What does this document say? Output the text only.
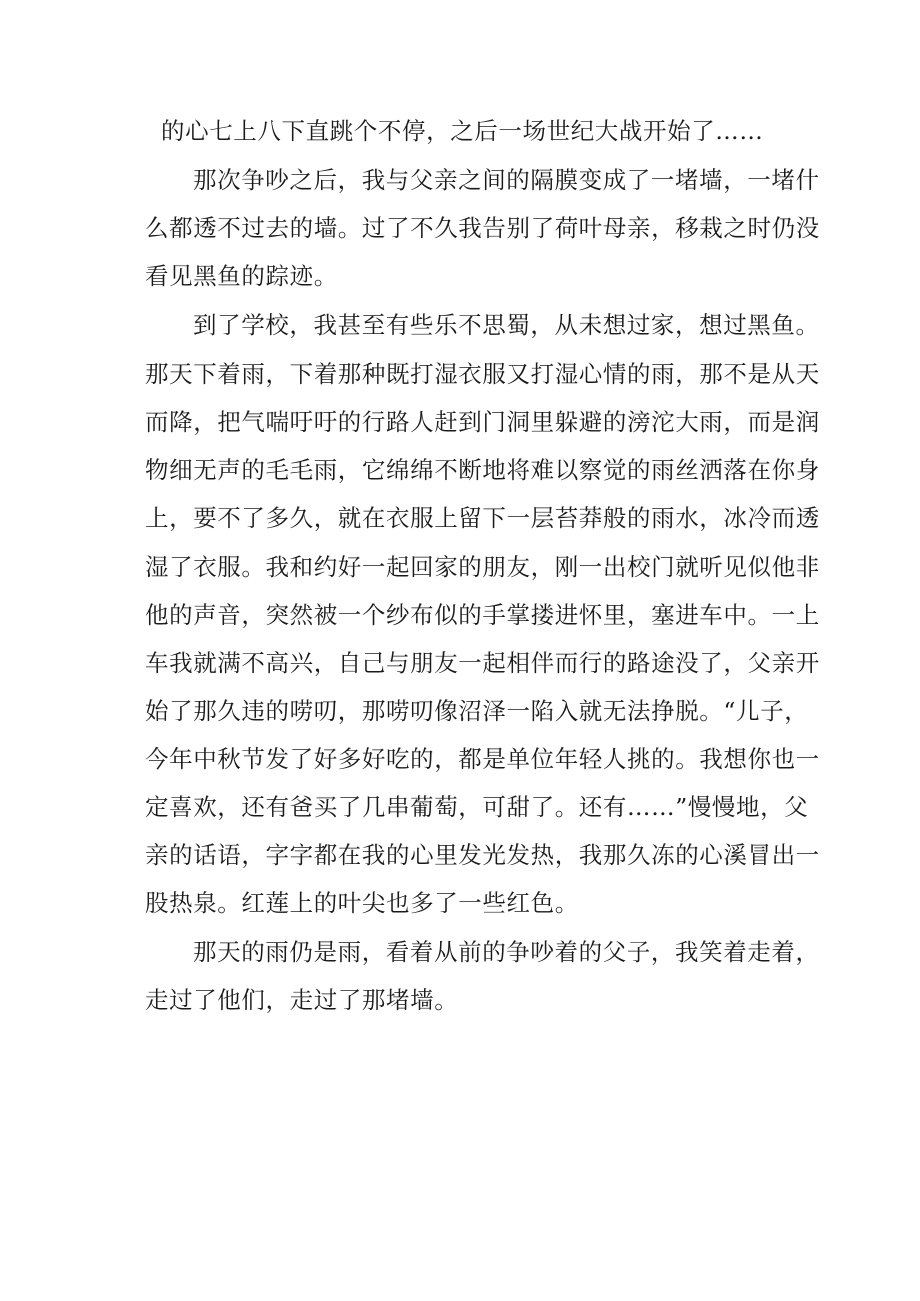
的心七上八下直跳个不停，之后一场世纪大战开始了……
那次争吵之后，我与父亲之间的隔膜变成了一堵墙，一堵什
么都透不过去的墙。过了不久我告别了荷叶母亲，移栽之时仍没
看见黑鱼的踪迹。
到了学校，我甚至有些乐不思蜀，从未想过家，想过黑鱼。
那天下着雨，下着那种既打湿衣服又打湿心情的雨，那不是从天
而降，把气喘吁吁的行路人赶到门洞里躲避的滂沱大雨，而是润
物细无声的毛毛雨，它绵绵不断地将难以察觉的雨丝洒落在你身
上，要不了多久，就在衣服上留下一层苔莽般的雨水，冰冷而透
湿了衣服。我和约好一起回家的朋友，刚一出校门就听见似他非
他的声音，突然被一个纱布似的手掌搂进怀里，塞进车中。一上
车我就满不高兴，自己与朋友一起相伴而行的路途没了，父亲开
始了那久违的唠叨，那唠叨像沼泽一陷入就无法挣脱。“儿子，
今年中秋节发了好多好吃的，都是单位年轻人挑的。我想你也一
定喜欢，还有爸买了几串葡萄，可甜了。还有……”慢慢地，父
亲的话语，字字都在我的心里发光发热，我那久冻的心溪冒出一
股热泉。红莲上的叶尖也多了一些红色。
那天的雨仍是雨，看着从前的争吵着的父子，我笑着走着，
走过了他们，走过了那堵墙。
